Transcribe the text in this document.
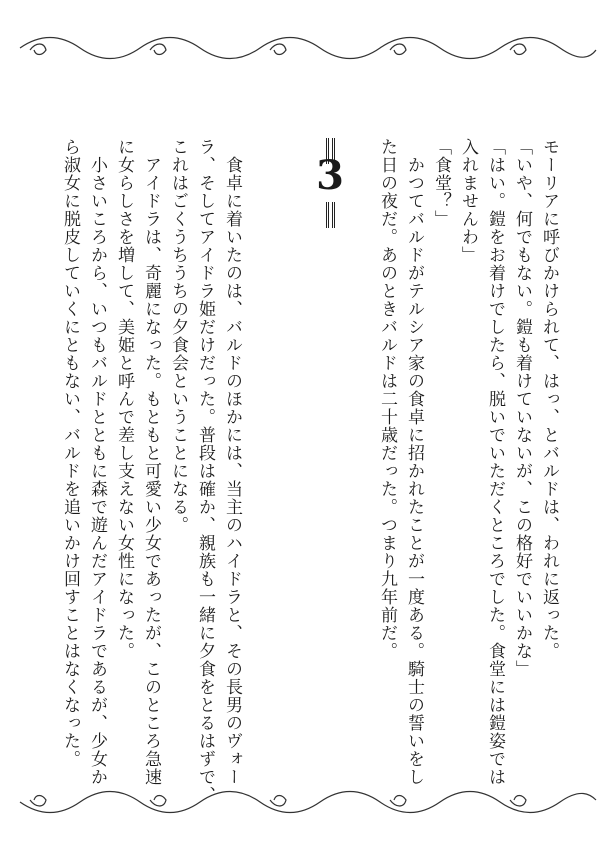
モーリアに呼びかけられて、はっ、とバルドは、われに返った。
「いや、何でもない。鎧も着けていないが、この格好でいいかな」
「はい。鎧をお着けでしたら、脱いでいただくところでした。食堂には鎧姿では
入れませんわ」
「食堂？」
　かつてバルドがテルシア家の食卓に招かれたことが一度ある。騎士の誓いをし
た日の夜だ。あのときバルドは二十歳だった。つまり九年前だ。
3
　食卓に着いたのは、バルドのほかには、当主のハイドラと、その長男のヴォー
ラ、そしてアイドラ姫だけだった。普段は確か、親族も一緒に夕食をとるはずで、
これはごくうちうちの夕食会ということになる。
　アイドラは、奇麗になった。もともと可愛い少女であったが、このところ急速
に女らしさを増して、美姫と呼んで差し支えない女性になった。
　小さいころから、いつもバルドとともに森で遊んだアイドラであるが、少女か
ら淑女に脱皮していくにともない、バルドを追いかけ回すことはなくなった。
